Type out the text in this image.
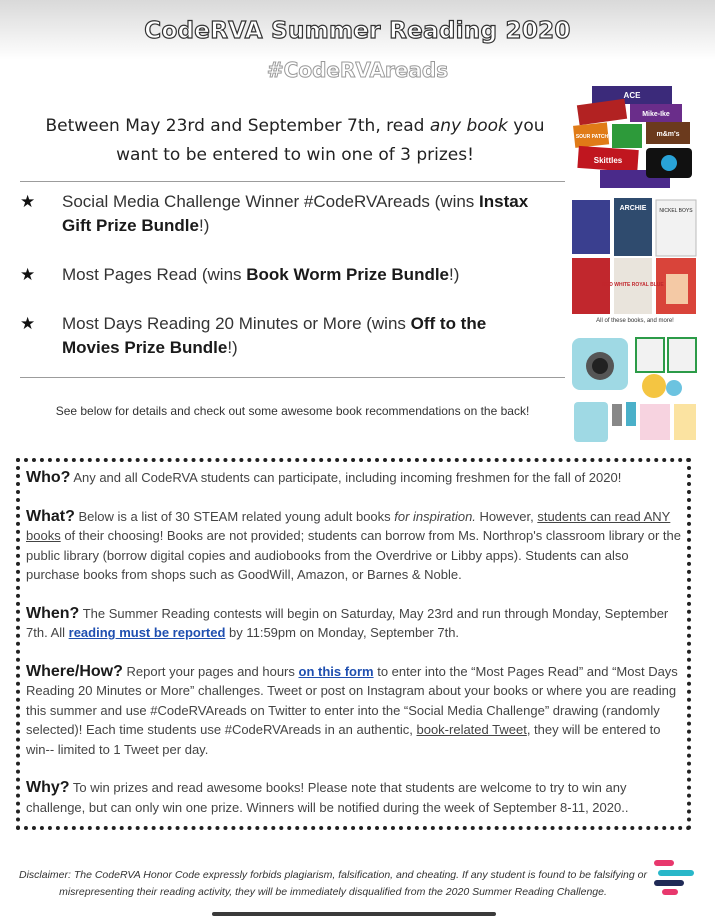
CodeRVA Summer Reading 2020
#CodeRVAreads
Between May 23rd and September 7th, read any book you want to be entered to win one of 3 prizes!
★ Social Media Challenge Winner #CodeRVAreads (wins Instax Gift Prize Bundle!)
★ Most Pages Read (wins Book Worm Prize Bundle!)
★ Most Days Reading 20 Minutes or More (wins Off to the Movies Prize Bundle!)
See below for details and check out some awesome book recommendations on the back!
ACE
Mike-Ike
m&m's
SOUR PATCH
Skittles
ARCHIE	NICKEL BOYS
RED WHITE ROYAL BLUE
All of these books, and more!

Who? Any and all CodeRVA students can participate, including incoming freshmen for the fall of 2020!

What? Below is a list of 30 STEAM related young adult books for inspiration. However, students can read ANY books of their choosing! Books are not provided; students can borrow from Ms. Northrop's classroom library or the public library (borrow digital copies and audiobooks from the Overdrive or Libby apps). Students can also purchase books from shops such as GoodWill, Amazon, or Barnes & Noble.

When? The Summer Reading contests will begin on Saturday, May 23rd and run through Monday, September 7th. All reading must be reported by 11:59pm on Monday, September 7th.

Where/How? Report your pages and hours on this form to enter into the “Most Pages Read” and “Most Days Reading 20 Minutes or More” challenges. Tweet or post on Instagram about your books or where you are reading this summer and use #CodeRVAreads on Twitter to enter into the “Social Media Challenge” drawing (randomly selected)! Each time students use #CodeRVAreads in an authentic, book-related Tweet, they will be entered to win-- limited to 1 Tweet per day.

Why? To win prizes and read awesome books! Please note that students are welcome to try to win any challenge, but can only win one prize. Winners will be notified during the week of September 8-11, 2020..

Disclaimer: The CodeRVA Honor Code expressly forbids plagiarism, falsification, and cheating. If any student is found to be falsifying or misrepresenting their reading activity, they will be immediately disqualified from the 2020 Summer Reading Challenge.
